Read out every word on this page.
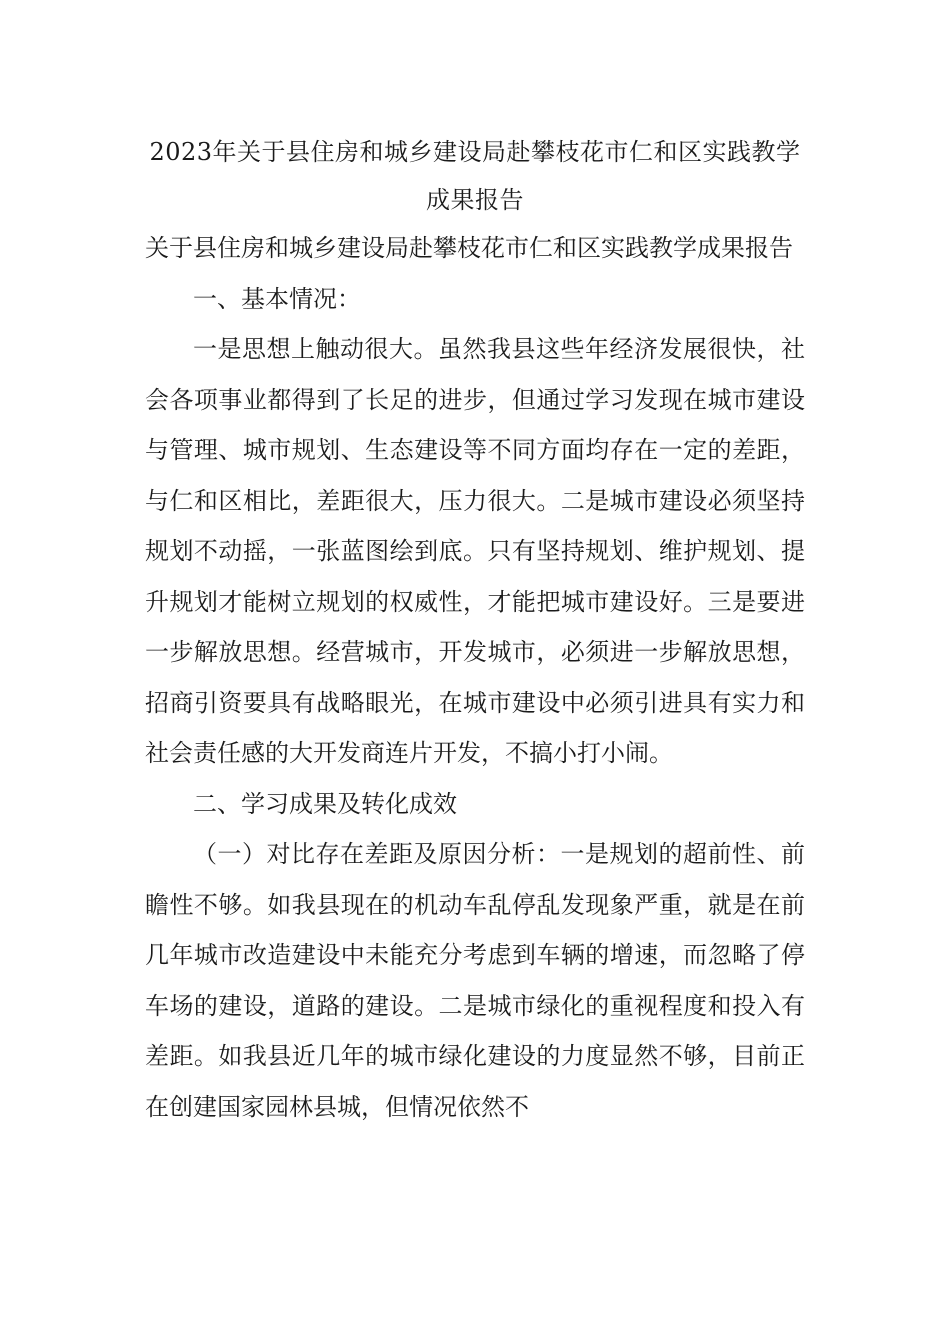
2023年关于县住房和城乡建设局赴攀枝花市仁和区实践教学成果报告

关于县住房和城乡建设局赴攀枝花市仁和区实践教学成果报告

一、基本情况：

一是思想上触动很大。虽然我县这些年经济发展很快，社会各项事业都得到了长足的进步，但通过学习发现在城市建设与管理、城市规划、生态建设等不同方面均存在一定的差距，与仁和区相比，差距很大，压力很大。二是城市建设必须坚持规划不动摇，一张蓝图绘到底。只有坚持规划、维护规划、提升规划才能树立规划的权威性，才能把城市建设好。三是要进一步解放思想。经营城市，开发城市，必须进一步解放思想，招商引资要具有战略眼光，在城市建设中必须引进具有实力和社会责任感的大开发商连片开发，不搞小打小闹。

二、学习成果及转化成效

（一）对比存在差距及原因分析：一是规划的超前性、前瞻性不够。如我县现在的机动车乱停乱发现象严重，就是在前几年城市改造建设中未能充分考虑到车辆的增速，而忽略了停车场的建设，道路的建设。二是城市绿化的重视程度和投入有差距。如我县近几年的城市绿化建设的力度显然不够，目前正在创建国家园林县城，但情况依然不
